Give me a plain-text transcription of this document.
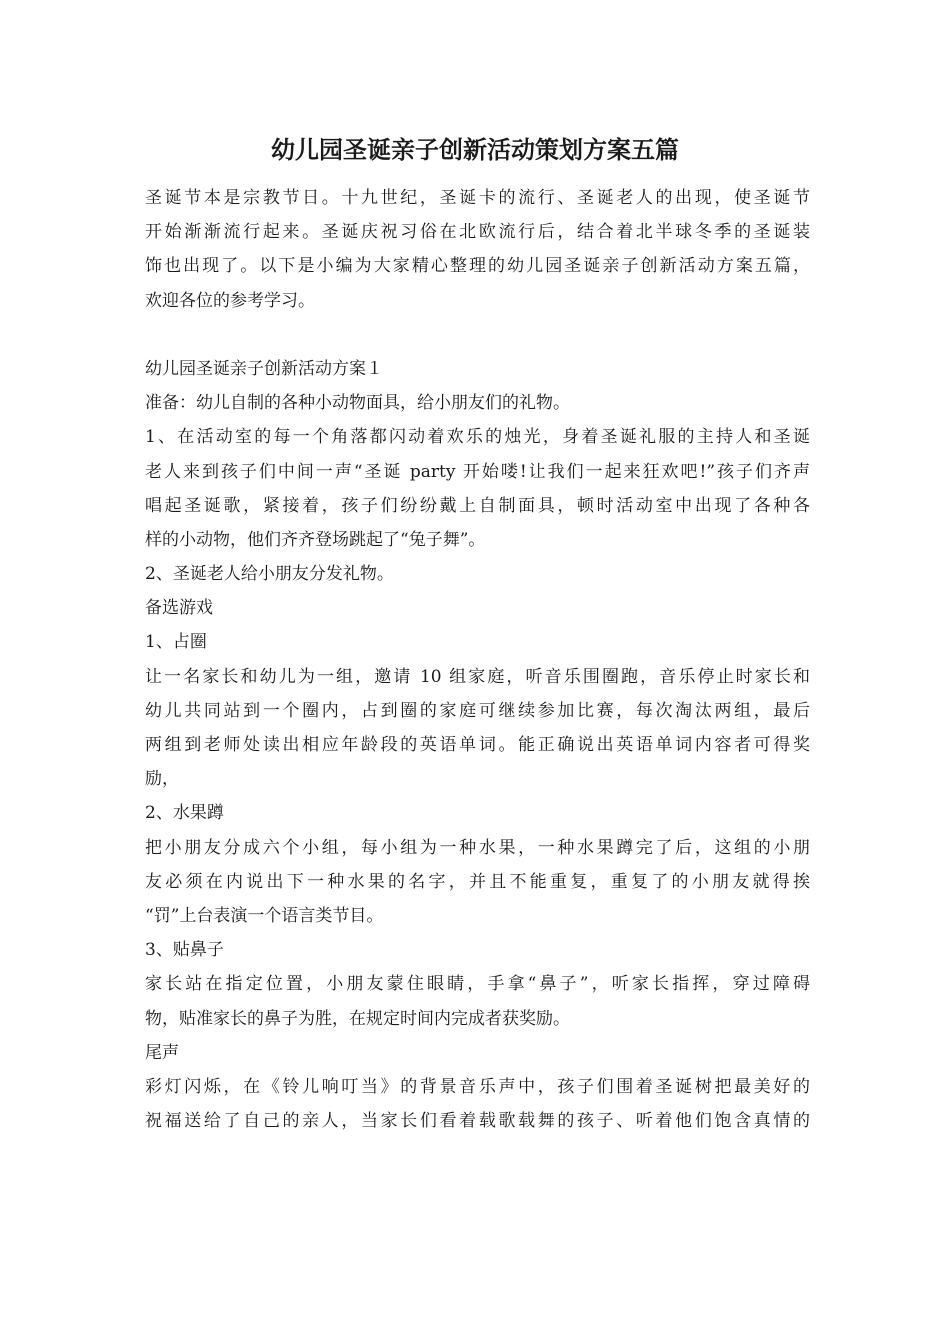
幼儿园圣诞亲子创新活动策划方案五篇
圣诞节本是宗教节日。十九世纪，圣诞卡的流行、圣诞老人的出现，使圣诞节
开始渐渐流行起来。圣诞庆祝习俗在北欧流行后，结合着北半球冬季的圣诞装
饰也出现了。以下是小编为大家精心整理的幼儿园圣诞亲子创新活动方案五篇，
欢迎各位的参考学习。
幼儿园圣诞亲子创新活动方案１
准备：幼儿自制的各种小动物面具，给小朋友们的礼物。
1、在活动室的每一个角落都闪动着欢乐的烛光，身着圣诞礼服的主持人和圣诞
老人来到孩子们中间一声“圣诞 party 开始喽!让我们一起来狂欢吧!”孩子们齐声
唱起圣诞歌，紧接着，孩子们纷纷戴上自制面具，顿时活动室中出现了各种各
样的小动物，他们齐齐登场跳起了“兔子舞”。
2、圣诞老人给小朋友分发礼物。
备选游戏
1、占圈
让一名家长和幼儿为一组，邀请 10 组家庭，听音乐围圈跑，音乐停止时家长和
幼儿共同站到一个圈内，占到圈的家庭可继续参加比赛，每次淘汰两组，最后
两组到老师处读出相应年龄段的英语单词。能正确说出英语单词内容者可得奖
励，
2、水果蹲
把小朋友分成六个小组，每小组为一种水果，一种水果蹲完了后，这组的小朋
友必须在内说出下一种水果的名字，并且不能重复，重复了的小朋友就得挨
“罚”上台表演一个语言类节目。
3、贴鼻子
家长站在指定位置，小朋友蒙住眼睛，手拿“鼻子”，听家长指挥，穿过障碍
物，贴准家长的鼻子为胜，在规定时间内完成者获奖励。
尾声
彩灯闪烁，在《铃儿响叮当》的背景音乐声中，孩子们围着圣诞树把最美好的
祝福送给了自己的亲人，当家长们看着载歌载舞的孩子、听着他们饱含真情的
